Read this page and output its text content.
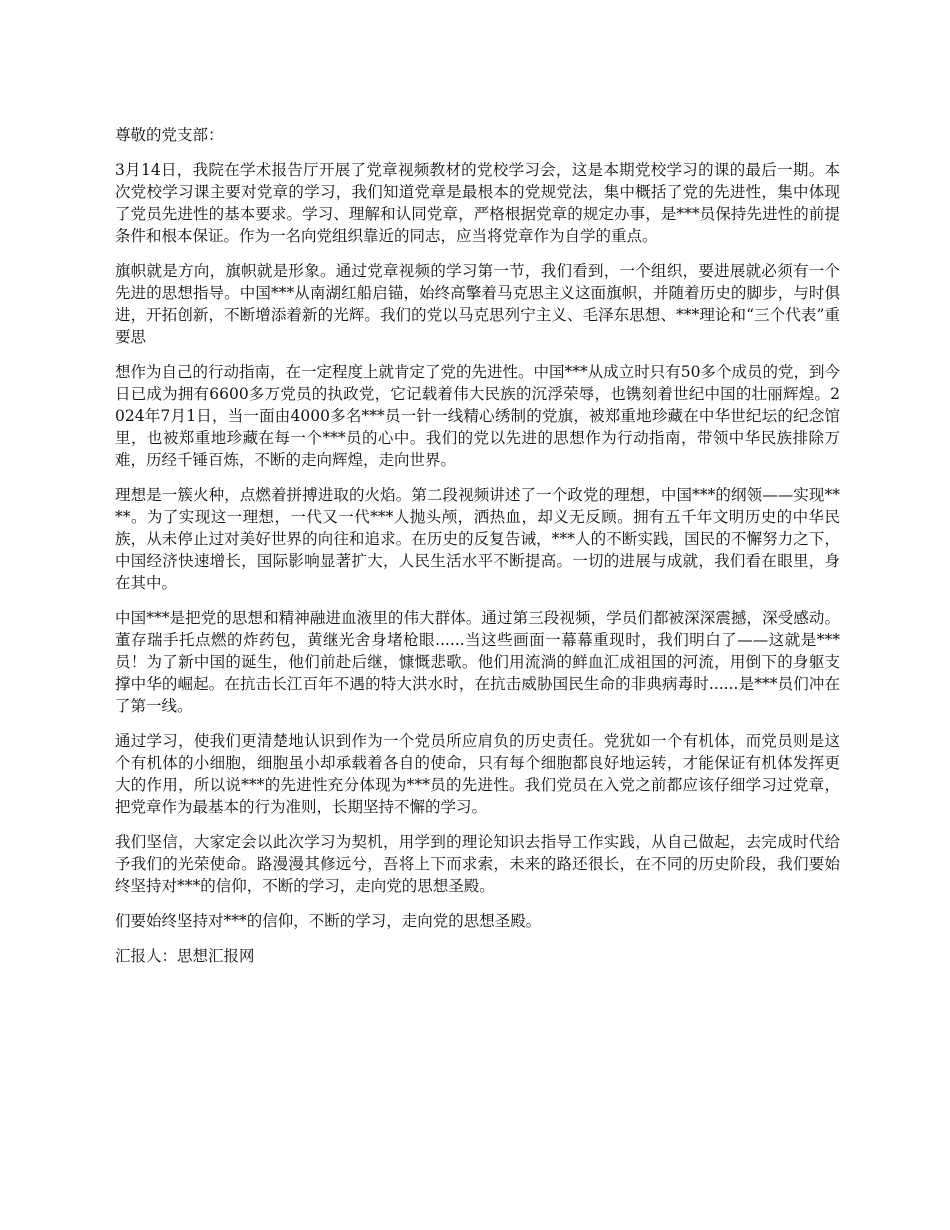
尊敬的党支部：

3月14日，我院在学术报告厅开展了党章视频教材的党校学习会，这是本期党校学习的课的最后一期。本次党校学习课主要对党章的学习，我们知道党章是最根本的党规党法，集中概括了党的先进性，集中体现了党员先进性的基本要求。学习、理解和认同党章，严格根据党章的规定办事，是***员保持先进性的前提条件和根本保证。作为一名向党组织靠近的同志，应当将党章作为自学的重点。

旗帜就是方向，旗帜就是形象。通过党章视频的学习第一节，我们看到，一个组织，要进展就必须有一个先进的思想指导。中国***从南湖红船启锚，始终高擎着马克思主义这面旗帜，并随着历史的脚步，与时俱进，开拓创新，不断增添着新的光辉。我们的党以马克思列宁主义、毛泽东思想、***理论和“三个代表”重要思

想作为自己的行动指南，在一定程度上就肯定了党的先进性。中国***从成立时只有50多个成员的党，到今日已成为拥有6600多万党员的执政党，它记载着伟大民族的沉浮荣辱，也镌刻着世纪中国的壮丽辉煌。2024年7月1日，当一面由4000多名***员一针一线精心绣制的党旗，被郑重地珍藏在中华世纪坛的纪念馆里，也被郑重地珍藏在每一个***员的心中。我们的党以先进的思想作为行动指南，带领中华民族排除万难，历经千锤百炼，不断的走向辉煌，走向世界。

理想是一簇火种，点燃着拼搏进取的火焰。第二段视频讲述了一个政党的理想，中国***的纲领——实现****。为了实现这一理想，一代又一代***人抛头颅，洒热血，却义无反顾。拥有五千年文明历史的中华民族，从未停止过对美好世界的向往和追求。在历史的反复告诫，***人的不断实践，国民的不懈努力之下，中国经济快速增长，国际影响显著扩大，人民生活水平不断提高。一切的进展与成就，我们看在眼里，身在其中。

中国***是把党的思想和精神融进血液里的伟大群体。通过第三段视频，学员们都被深深震撼，深受感动。董存瑞手托点燃的炸药包，黄继光舍身堵枪眼......当这些画面一幕幕重现时，我们明白了——这就是***员！为了新中国的诞生，他们前赴后继，慷慨悲歌。他们用流淌的鲜血汇成祖国的河流，用倒下的身躯支撑中华的崛起。在抗击长江百年不遇的特大洪水时，在抗击威胁国民生命的非典病毒时......是***员们冲在了第一线。

通过学习，使我们更清楚地认识到作为一个党员所应肩负的历史责任。党犹如一个有机体，而党员则是这个有机体的小细胞，细胞虽小却承载着各自的使命，只有每个细胞都良好地运转，才能保证有机体发挥更大的作用，所以说***的先进性充分体现为***员的先进性。我们党员在入党之前都应该仔细学习过党章，把党章作为最基本的行为准则，长期坚持不懈的学习。

我们坚信，大家定会以此次学习为契机，用学到的理论知识去指导工作实践，从自己做起，去完成时代给予我们的光荣使命。路漫漫其修远兮，吾将上下而求索，未来的路还很长，在不同的历史阶段，我们要始终坚持对***的信仰，不断的学习，走向党的思想圣殿。

们要始终坚持对***的信仰，不断的学习，走向党的思想圣殿。

汇报人：思想汇报网
